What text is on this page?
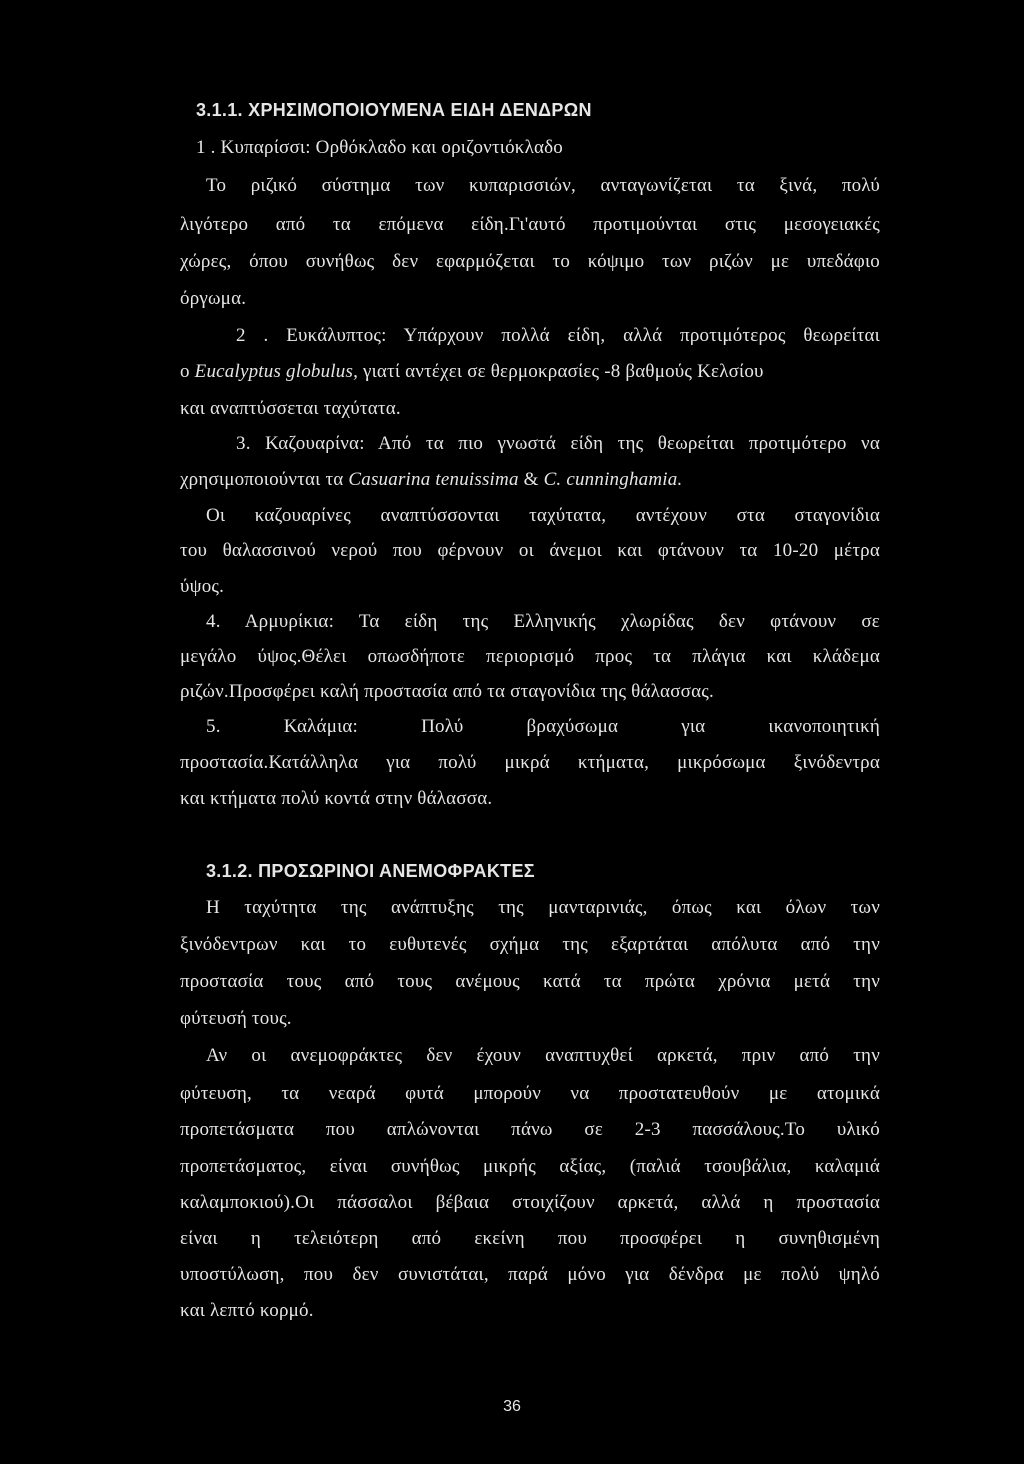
3.1.1. ΧΡΗΣΙΜΟΠΟΙΟΥΜΕΝΑ ΕΙΔΗ ΔΕΝΔΡΩΝ
1 . Κυπαρίσσι: Ορθόκλαδο και οριζοντιόκλαδο
Το ριζικό σύστημα των κυπαρισσιών, ανταγωνίζεται τα ξινά, πολύ
λιγότερο από τα επόμενα είδη.Γι'αυτό προτιμούνται στις μεσογειακές
χώρες, όπου συνήθως δεν εφαρμόζεται το κόψιμο των ριζών με υπεδάφιο
όργωμα.
2 . Ευκάλυπτος: Υπάρχουν πολλά είδη, αλλά προτιμότερος θεωρείται
ο Eucalyptus globulus, γιατί αντέχει σε θερμοκρασίες -8 βαθμούς Κελσίου
και αναπτύσσεται ταχύτατα.
3. Καζουαρίνα: Από τα πιο γνωστά είδη της θεωρείται προτιμότερο να
χρησιμοποιούνται τα Casuarina tenuissima & C. cunninghamia.
Οι καζουαρίνες αναπτύσσονται ταχύτατα, αντέχουν στα σταγονίδια
του θαλασσινού νερού που φέρνουν οι άνεμοι και φτάνουν τα 10-20 μέτρα
ύψος.
4. Αρμυρίκια: Τα είδη της Ελληνικής χλωρίδας δεν φτάνουν σε
μεγάλο ύψος.Θέλει οπωσδήποτε περιορισμό προς τα πλάγια και κλάδεμα
ριζών.Προσφέρει καλή προστασία από τα σταγονίδια της θάλασσας.
5. Καλάμια: Πολύ βραχύσωμα για ικανοποιητική
προστασία.Κατάλληλα για πολύ μικρά κτήματα, μικρόσωμα ξινόδεντρα
και κτήματα πολύ κοντά στην θάλασσα.
3.1.2. ΠΡΟΣΩΡΙΝΟΙ ΑΝΕΜΟΦΡΑΚΤΕΣ
Η ταχύτητα της ανάπτυξης της μανταρινιάς, όπως και όλων των
ξινόδεντρων και το ευθυτενές σχήμα της εξαρτάται απόλυτα από την
προστασία τους από τους ανέμους κατά τα πρώτα χρόνια μετά την
φύτευσή τους.
Αν οι ανεμοφράκτες δεν έχουν αναπτυχθεί αρκετά, πριν από την
φύτευση, τα νεαρά φυτά μπορούν να προστατευθούν με ατομικά
προπετάσματα που απλώνονται πάνω σε 2-3 πασσάλους.Το υλικό
προπετάσματος, είναι συνήθως μικρής αξίας, (παλιά τσουβάλια, καλαμιά
καλαμποκιού).Οι πάσσαλοι βέβαια στοιχίζουν αρκετά, αλλά η προστασία
είναι η τελειότερη από εκείνη που προσφέρει η συνηθισμένη
υποστύλωση, που δεν συνιστάται, παρά μόνο για δένδρα με πολύ ψηλό
και λεπτό κορμό.
36
